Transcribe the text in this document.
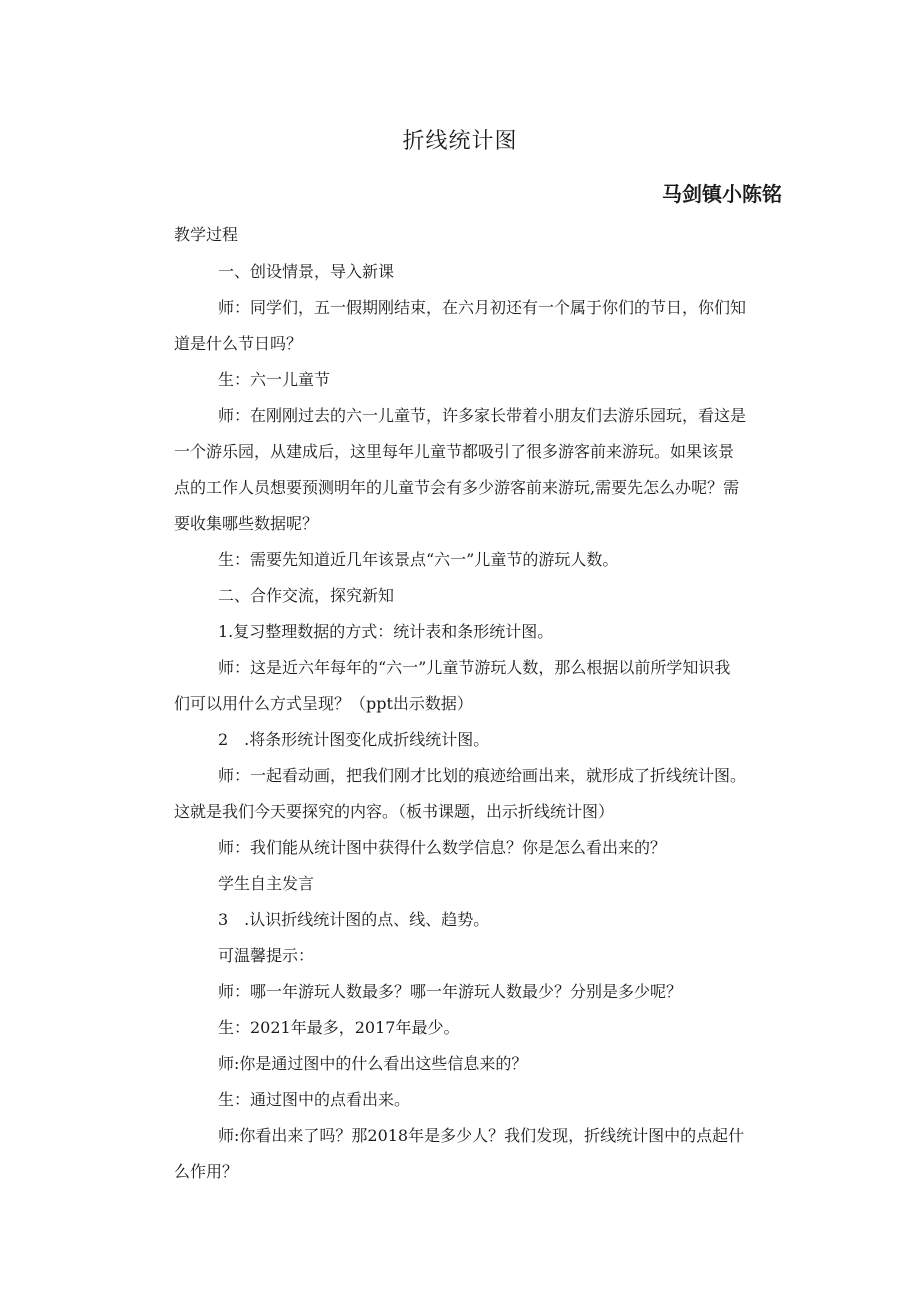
折线统计图
马剑镇小陈铭
教学过程
一、创设情景，导入新课
师：同学们，五一假期刚结束，在六月初还有一个属于你们的节日，你们知
道是什么节日吗？
生：六一儿童节
师：在刚刚过去的六一儿童节，许多家长带着小朋友们去游乐园玩，看这是
一个游乐园，从建成后，这里每年儿童节都吸引了很多游客前来游玩。如果该景
点的工作人员想要预测明年的儿童节会有多少游客前来游玩,需要先怎么办呢？需
要收集哪些数据呢？
生：需要先知道近几年该景点“六一”儿童节的游玩人数。
二、合作交流，探究新知
1.复习整理数据的方式：统计表和条形统计图。
师：这是近六年每年的“六一”儿童节游玩人数，那么根据以前所学知识我
们可以用什么方式呈现？（ppt出示数据）
2　.将条形统计图变化成折线统计图。
师：一起看动画，把我们刚才比划的痕迹给画出来，就形成了折线统计图。
这就是我们今天要探究的内容。（板书课题，出示折线统计图）
师：我们能从统计图中获得什么数学信息？你是怎么看出来的？
学生自主发言
3　.认识折线统计图的点、线、趋势。
可温馨提示：
师：哪一年游玩人数最多？哪一年游玩人数最少？分别是多少呢？
生：2021年最多，2017年最少。
师:你是通过图中的什么看出这些信息来的？
生：通过图中的点看出来。
师:你看出来了吗？那2018年是多少人？我们发现，折线统计图中的点起什
么作用？
